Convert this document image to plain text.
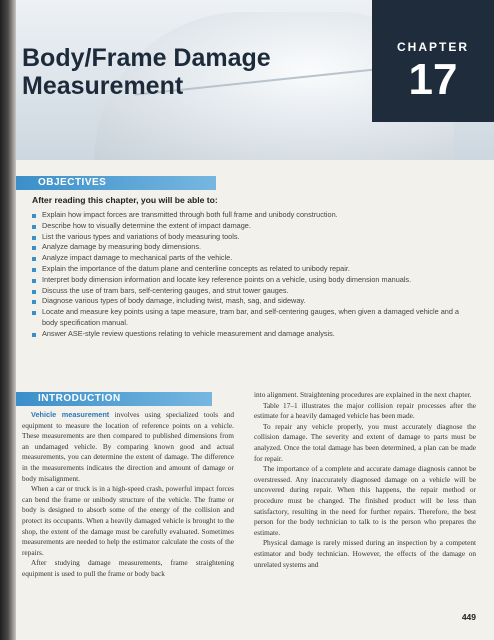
Body/Frame Damage Measurement
CHAPTER
17
OBJECTIVES
After reading this chapter, you will be able to:
Explain how impact forces are transmitted through both full frame and unibody construction.
Describe how to visually determine the extent of impact damage.
List the various types and variations of body measuring tools.
Analyze damage by measuring body dimensions.
Analyze impact damage to mechanical parts of the vehicle.
Explain the importance of the datum plane and centerline concepts as related to unibody repair.
Interpret body dimension information and locate key reference points on a vehicle, using body dimension manuals.
Discuss the use of tram bars, self-centering gauges, and strut tower gauges.
Diagnose various types of body damage, including twist, mash, sag, and sideway.
Locate and measure key points using a tape measure, tram bar, and self-centering gauges, when given a damaged vehicle and a body specification manual.
Answer ASE-style review questions relating to vehicle measurement and damage analysis.
INTRODUCTION

Vehicle measurement involves using specialized tools and equipment to measure the location of reference points on a vehicle. These measurements are then compared to published dimensions from an undamaged vehicle. By comparing known good and actual measurements, you can determine the extent of damage. The difference in the measurements indicates the direction and amount of damage or body misalignment.

When a car or truck is in a high-speed crash, powerful impact forces can bend the frame or unibody structure of the vehicle. The frame or body is designed to absorb some of the energy of the collision and protect its occupants. When a heavily damaged vehicle is brought to the shop, the extent of the damage must be carefully evaluated. Sometimes measurements are needed to help the estimator calculate the costs of the repairs.

After studying damage measurements, frame straightening equipment is used to pull the frame or body back

into alignment. Straightening procedures are explained in the next chapter.

Table 17–1 illustrates the major collision repair processes after the estimate for a heavily damaged vehicle has been made.

To repair any vehicle properly, you must accurately diagnose the collision damage. The severity and extent of damage to parts must be analyzed. Once the total damage has been determined, a plan can be made for repair.

The importance of a complete and accurate damage diagnosis cannot be overstressed. Any inaccurately diagnosed damage on a vehicle will be uncovered during repair. When this happens, the repair method or procedure must be changed. The finished product will be less than satisfactory, resulting in the need for further repairs. Therefore, the best person for the body technician to talk to is the person who prepares the estimate.

Physical damage is rarely missed during an inspection by a competent estimator and body technician. However, the effects of the damage on unrelated systems and

449
